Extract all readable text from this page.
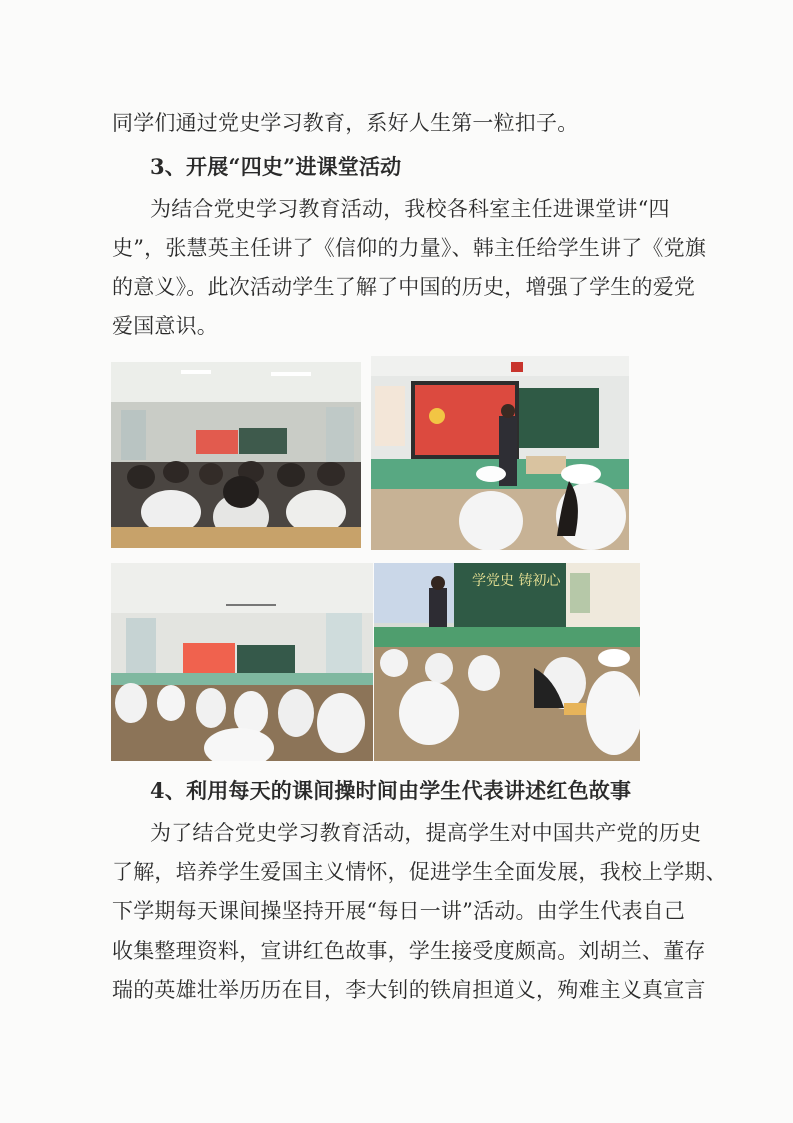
同学们通过党史学习教育，系好人生第一粒扣子。
3、开展“四史”进课堂活动
为结合党史学习教育活动，我校各科室主任进课堂讲“四
史”，张慧英主任讲了《信仰的力量》、韩主任给学生讲了《党旗
的意义》。此次活动学生了解了中国的历史，增强了学生的爱党
爱国意识。
学党史 铸初心
4、利用每天的课间操时间由学生代表讲述红色故事
为了结合党史学习教育活动，提高学生对中国共产党的历史
了解，培养学生爱国主义情怀，促进学生全面发展，我校上学期、
下学期每天课间操坚持开展“每日一讲”活动。由学生代表自己
收集整理资料，宣讲红色故事，学生接受度颇高。刘胡兰、董存
瑞的英雄壮举历历在目，李大钊的铁肩担道义，殉难主义真宣言
